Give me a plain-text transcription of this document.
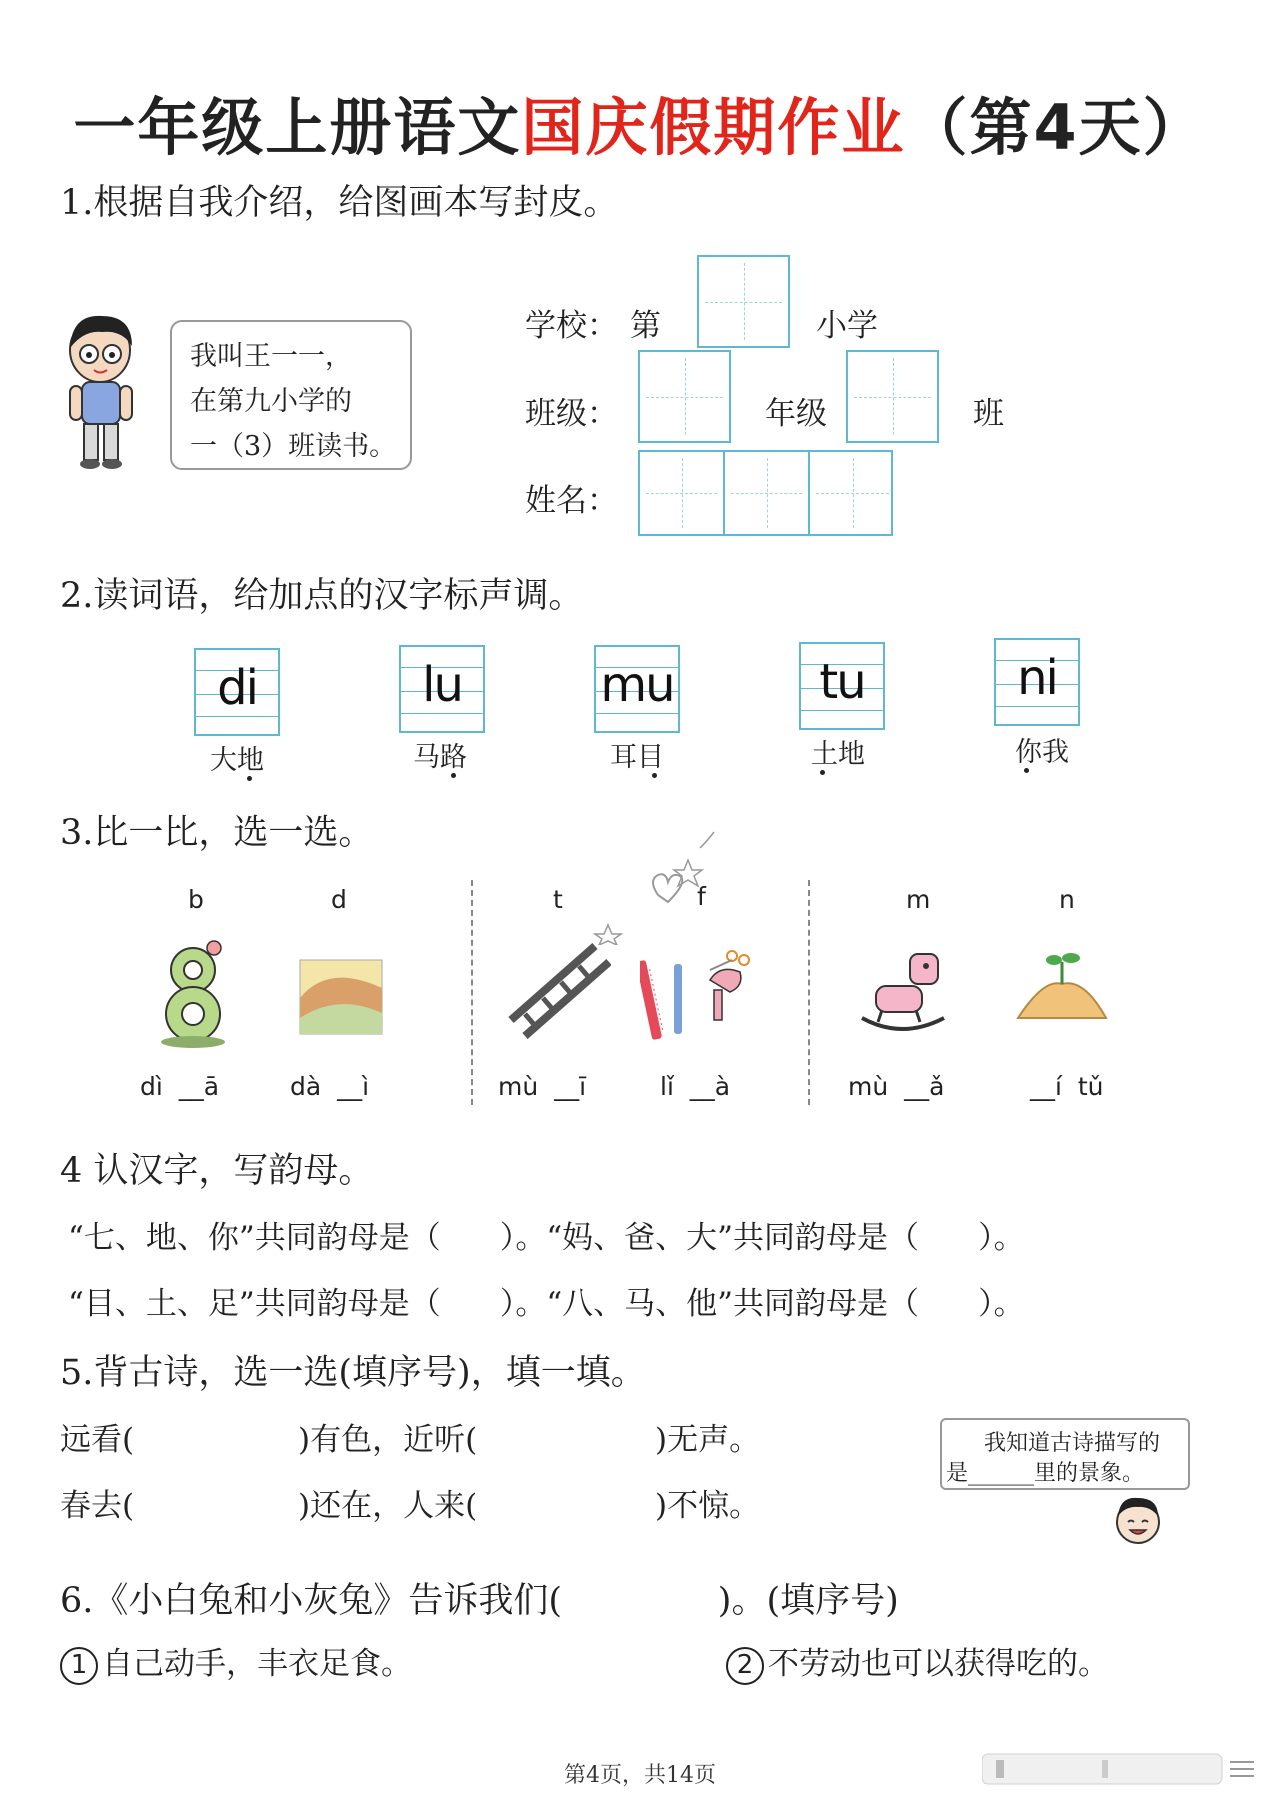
一年级上册语文国庆假期作业（第4天）
1.根据自我介绍，给图画本写封皮。
我叫王一一，
在第九小学的
一（3）班读书。
学校： 第	小学
班级：	年级	班
姓名：
2.读词语，给加点的汉字标声调。
di
大地
lu
马路
mu
耳目
tu
土地
ni
你我
3.比一比，选一选。
b	d	t	f	m	n
dì  __ā	dà  __ì	mù  __ī	lǐ  __à	mù  __ǎ	__í  tǔ
4 认汉字，写韵母。
“七、地、你”共同韵母是（      ）。“妈、爸、大”共同韵母是（      ）。
“目、土、足”共同韵母是（      ）。“八、马、他”共同韵母是（      ）。
5.背古诗，选一选(填序号)，填一填。
远看(	)有色，近听(	)无声。
春去(	)还在，人来(	)不惊。
我知道古诗描写的
是______里的景象。
6.《小白兔和小灰兔》告诉我们(              )。(填序号)
1 自己动手，丰衣足食。	2 不劳动也可以获得吃的。
第4页，共14页
